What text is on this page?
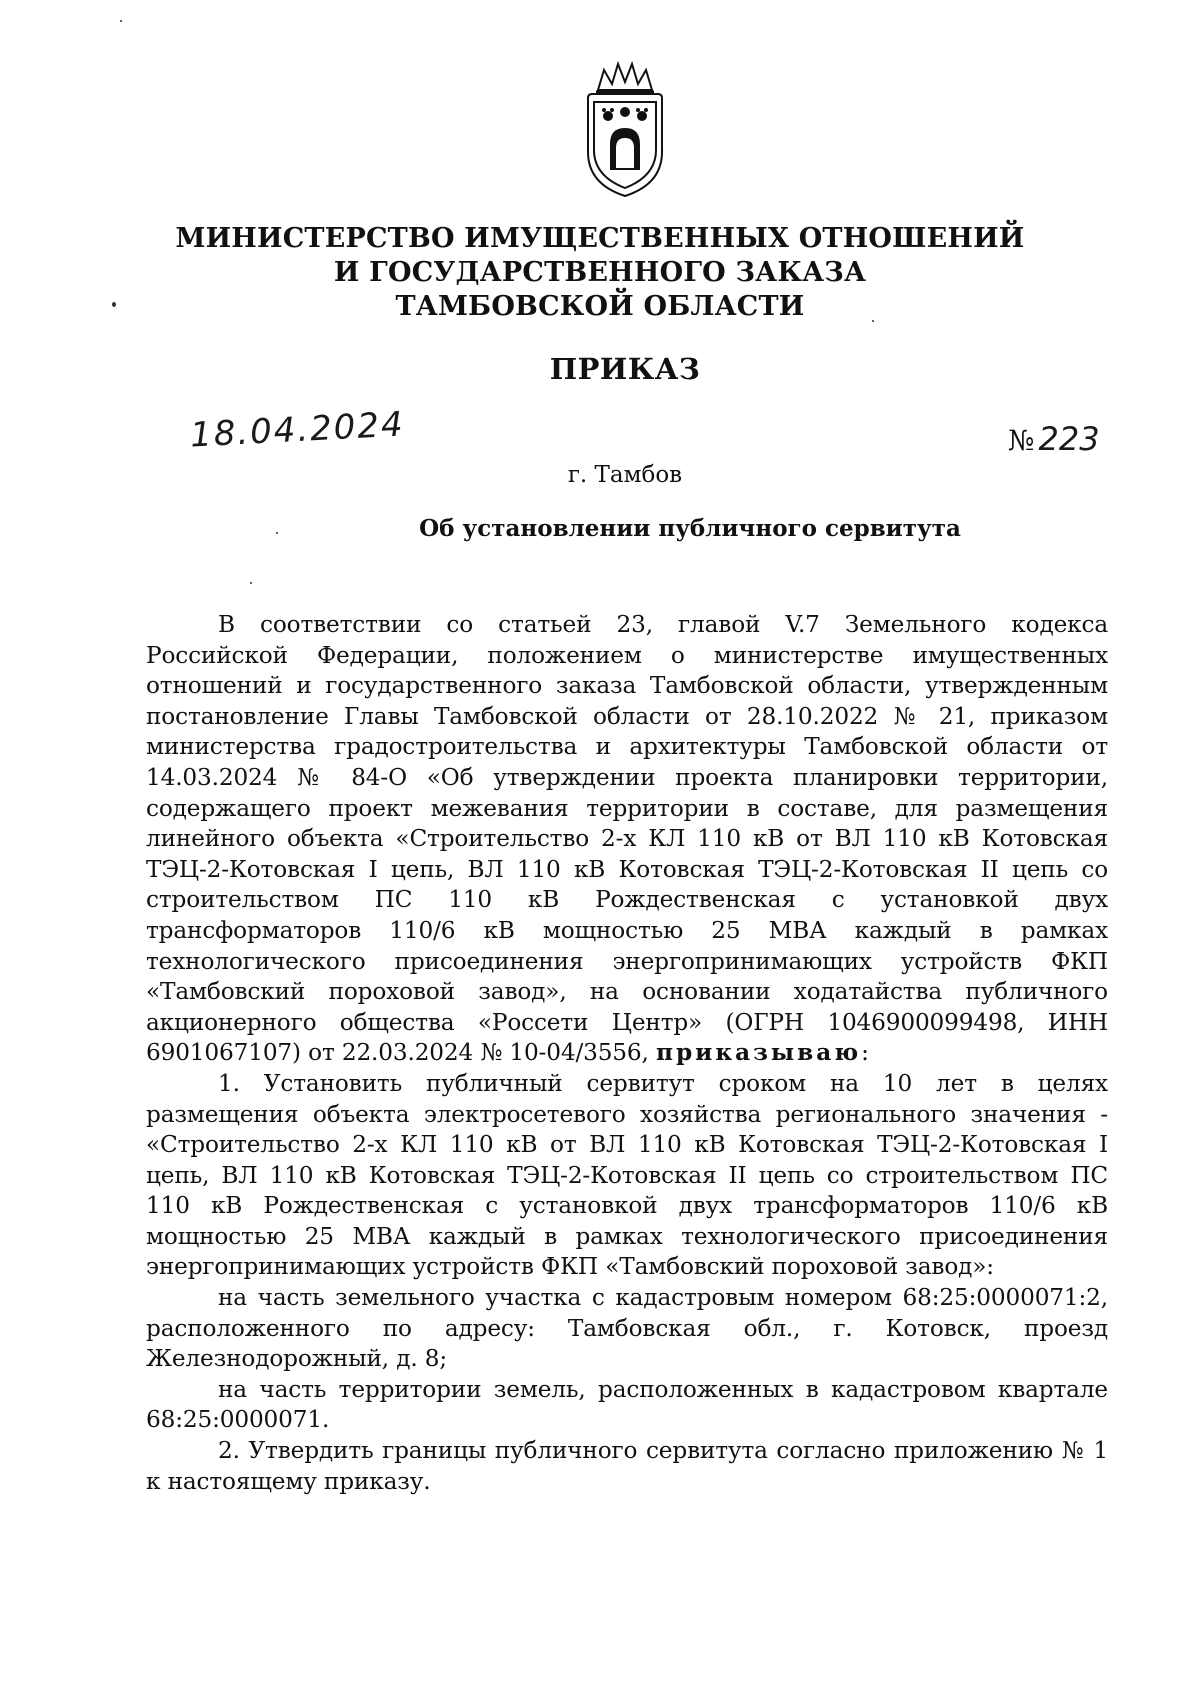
МИНИСТЕРСТВО ИМУЩЕСТВЕННЫХ ОТНОШЕНИЙ
И ГОСУДАРСТВЕННОГО ЗАКАЗА
ТАМБОВСКОЙ ОБЛАСТИ
ПРИКАЗ
18.04.2024	№ 223
г. Тамбов
Об установлении публичного сервитута

В соответствии со статьей 23, главой V.7 Земельного кодекса Российской Федерации, положением о министерстве имущественных отношений и государственного заказа Тамбовской области, утвержденным постановление Главы Тамбовской области от 28.10.2022 № 21, приказом министерства градостроительства и архитектуры Тамбовской области от 14.03.2024 № 84-О «Об утверждении проекта планировки территории, содержащего проект межевания территории в составе, для размещения линейного объекта «Строительство 2-х КЛ 110 кВ от ВЛ 110 кВ Котовская ТЭЦ-2-Котовская I цепь, ВЛ 110 кВ Котовская ТЭЦ-2-Котовская II цепь со строительством ПС 110 кВ Рождественская с установкой двух трансформаторов 110/6 кВ мощностью 25 МВА каждый в рамках технологического присоединения энергопринимающих устройств ФКП «Тамбовский пороховой завод», на основании ходатайства публичного акционерного общества «Россети Центр» (ОГРН 1046900099498, ИНН 6901067107) от 22.03.2024 № 10-04/3556, приказываю:

1. Установить публичный сервитут сроком на 10 лет в целях размещения объекта электросетевого хозяйства регионального значения - «Строительство 2-х КЛ 110 кВ от ВЛ 110 кВ Котовская ТЭЦ-2-Котовская I цепь, ВЛ 110 кВ Котовская ТЭЦ-2-Котовская II цепь со строительством ПС 110 кВ Рождественская с установкой двух трансформаторов 110/6 кВ мощностью 25 МВА каждый в рамках технологического присоединения энергопринимающих устройств ФКП «Тамбовский пороховой завод»:

на часть земельного участка с кадастровым номером 68:25:0000071:2, расположенного по адресу: Тамбовская обл., г. Котовск, проезд Железнодорожный, д. 8;

на часть территории земель, расположенных в кадастровом квартале 68:25:0000071.

2. Утвердить границы публичного сервитута согласно приложению № 1 к настоящему приказу.
